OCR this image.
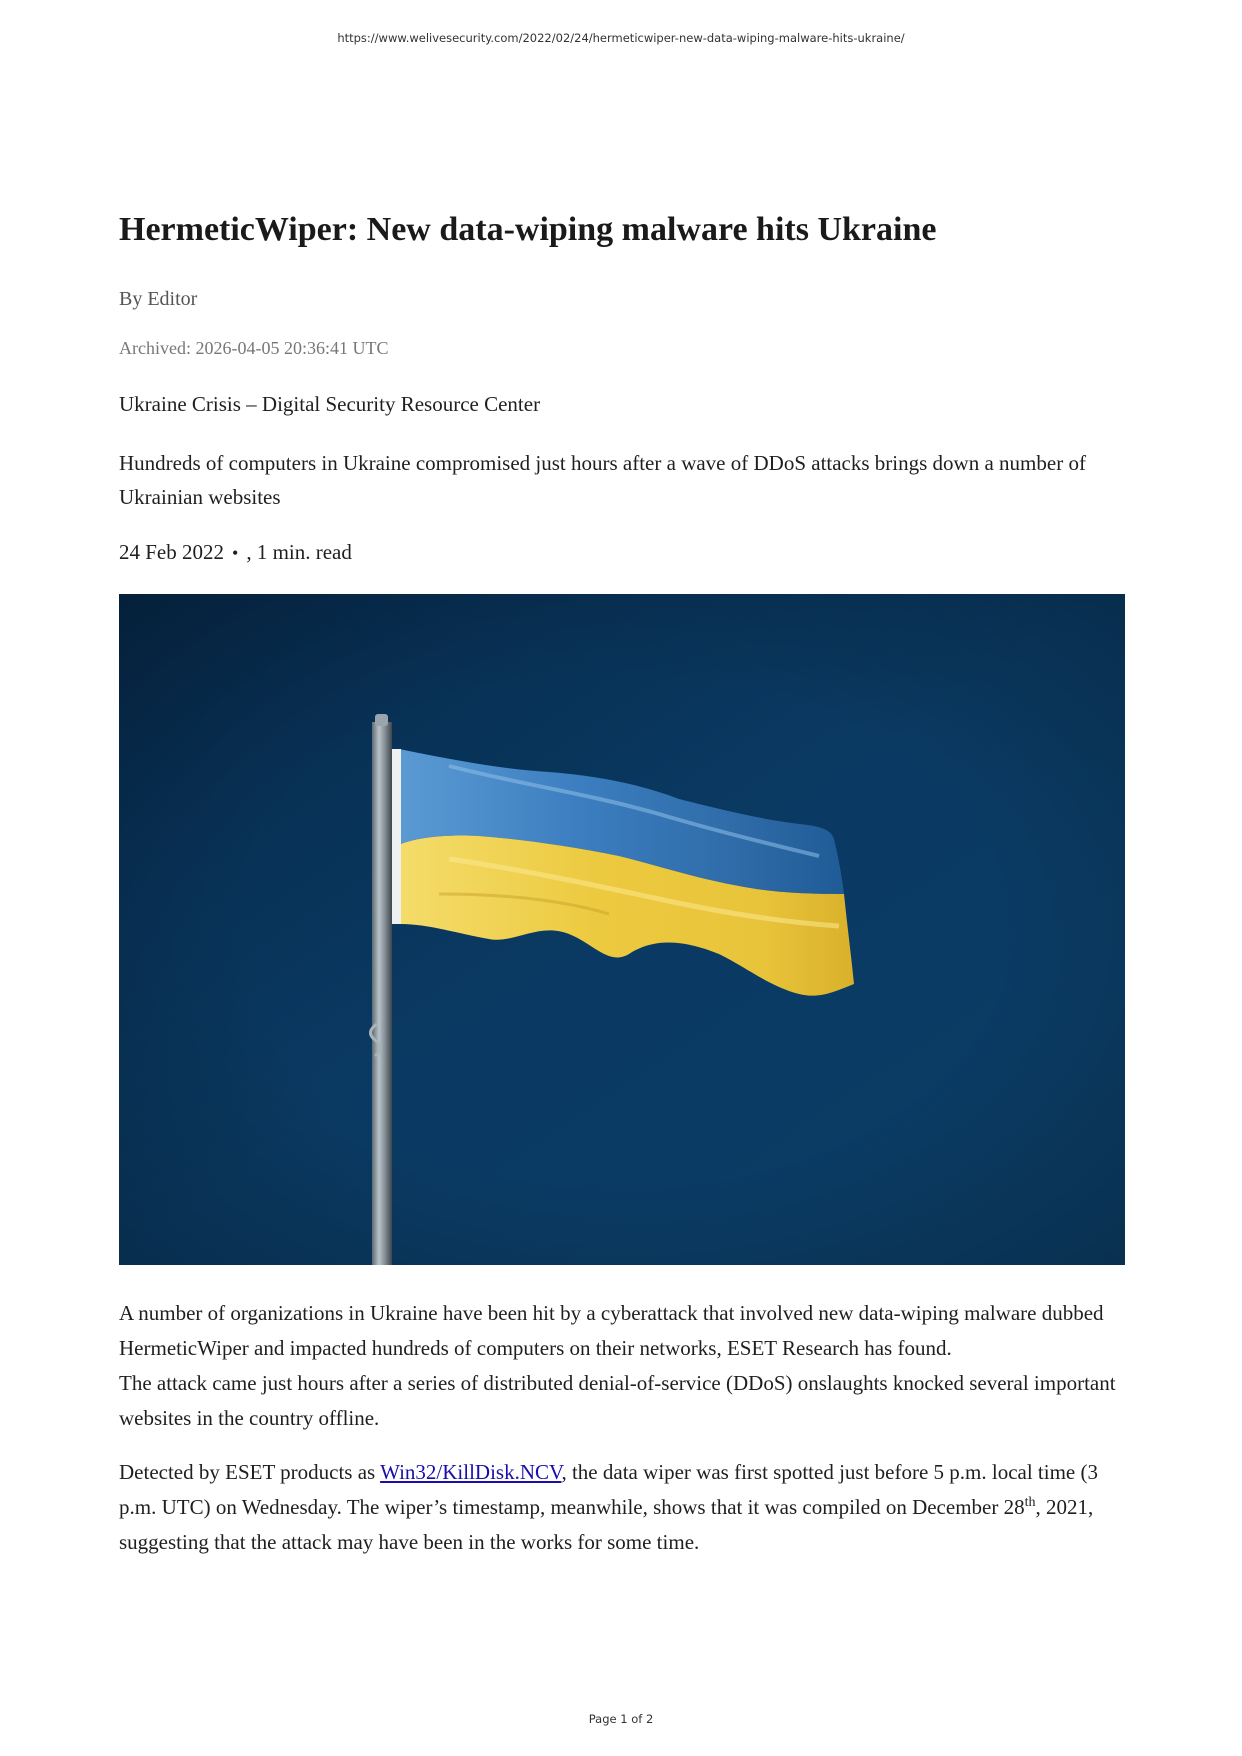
https://www.welivesecurity.com/2022/02/24/hermeticwiper-new-data-wiping-malware-hits-ukraine/
HermeticWiper: New data-wiping malware hits Ukraine
By Editor
Archived: 2026-04-05 20:36:41 UTC
Ukraine Crisis – Digital Security Resource Center
Hundreds of computers in Ukraine compromised just hours after a wave of DDoS attacks brings down a number of Ukrainian websites
24 Feb 2022 • , 1 min. read
A number of organizations in Ukraine have been hit by a cyberattack that involved new data-wiping malware dubbed HermeticWiper and impacted hundreds of computers on their networks, ESET Research has found.
The attack came just hours after a series of distributed denial-of-service (DDoS) onslaughts knocked several important websites in the country offline.
Detected by ESET products as Win32/KillDisk.NCV, the data wiper was first spotted just before 5 p.m. local time (3 p.m. UTC) on Wednesday. The wiper’s timestamp, meanwhile, shows that it was compiled on December 28th, 2021, suggesting that the attack may have been in the works for some time.
Page 1 of 2
